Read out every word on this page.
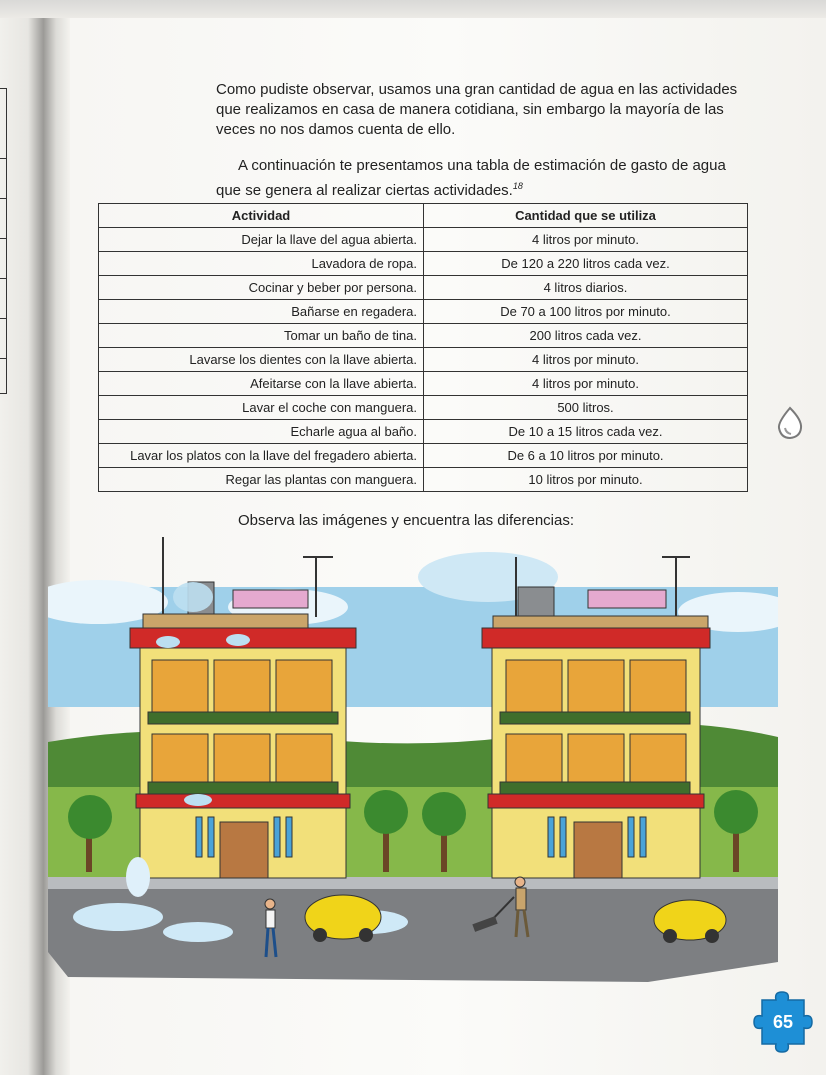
Como pudiste observar, usamos una gran cantidad de agua en las actividades que realizamos en casa de manera cotidiana, sin embargo la mayoría de las veces no nos damos cuenta de ello.

A continuación te presentamos una tabla de estimación de gasto de agua que se genera al realizar ciertas actividades.$^{18}$

Actividad	Cantidad que se utiliza
Dejar la llave del agua abierta.	4 litros por minuto.
Lavadora de ropa.	De 120 a 220 litros cada vez.
Cocinar y beber por persona.	4 litros diarios.
Bañarse en regadera.	De 70 a 100 litros por minuto.
Tomar un baño de tina.	200 litros cada vez.
Lavarse los dientes con la llave abierta.	4 litros por minuto.
Afeitarse con la llave abierta.	4 litros por minuto.
Lavar el coche con manguera.	500 litros.
Echarle agua al baño.	De 10 a 15 litros cada vez.
Lavar los platos con la llave del fregadero abierta.	De 6 a 10 litros por minuto.
Regar las plantas con manguera.	10 litros por minuto.

Observa las imágenes y encuentra las diferencias:

65
